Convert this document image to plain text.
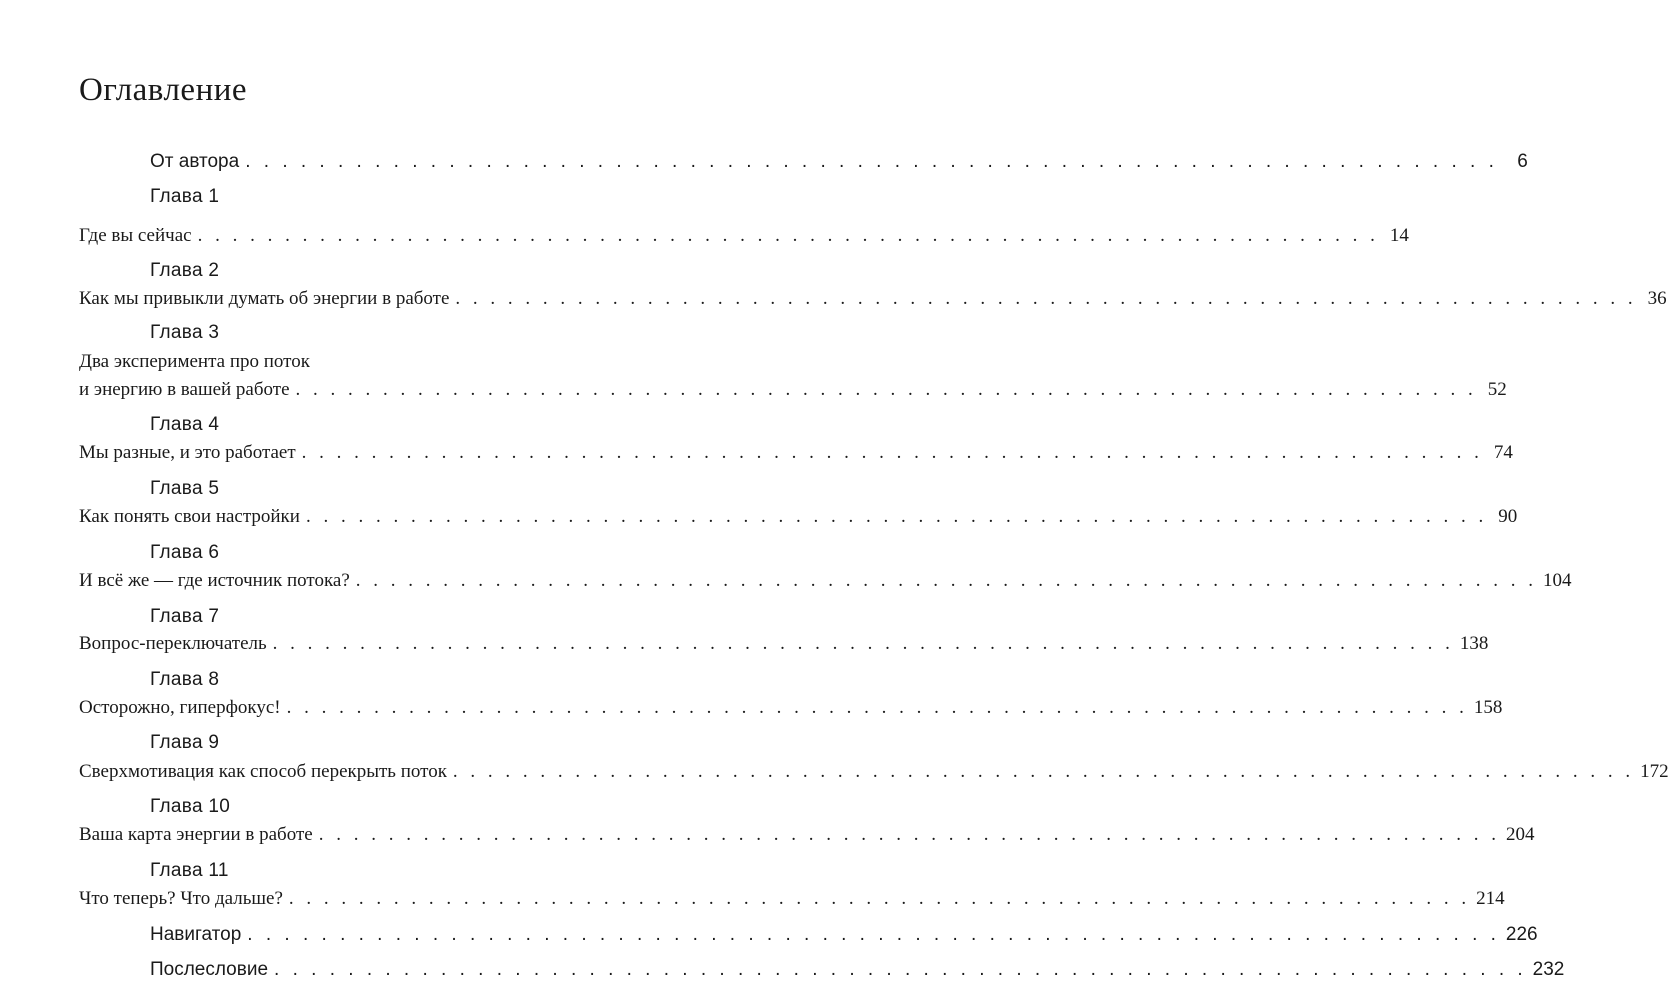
Оглавление
От автора . . . . . . . . . . . . . . . . . . . . . . . . . . . . . . . . . . . . . . . . . . . . . . . . . . . . . . . . . . . . . . . . . . . .	6
Глава 1
Где вы сейчас . . . . . . . . . . . . . . . . . . . . . . . . . . . . . . . . . . . . . . . . . . . . . . . . . . . . . . . . . . . . . . . . . . . . 14
Глава 2
Как мы привыкли думать об энергии в работе . . . . . . . . . . . . . . . . . . . . . . . . . . . . . . . . . . . . . . . . . . . . . . . . . . . . . . . . . . . . . . . . . . . . 36
Глава 3
Два эксперимента про поток
и энергию в вашей работе . . . . . . . . . . . . . . . . . . . . . . . . . . . . . . . . . . . . . . . . . . . . . . . . . . . . . . . . . . . . . . . . . . . . 52
Глава 4
Мы разные, и это работает . . . . . . . . . . . . . . . . . . . . . . . . . . . . . . . . . . . . . . . . . . . . . . . . . . . . . . . . . . . . . . . . . . . . 74
Глава 5
Как понять свои настройки . . . . . . . . . . . . . . . . . . . . . . . . . . . . . . . . . . . . . . . . . . . . . . . . . . . . . . . . . . . . . . . . . . . . 90
Глава 6
И всё же — где источник потока? . . . . . . . . . . . . . . . . . . . . . . . . . . . . . . . . . . . . . . . . . . . . . . . . . . . . . . . . . . . . . . . . . . . . 104
Глава 7
Вопрос-переключатель . . . . . . . . . . . . . . . . . . . . . . . . . . . . . . . . . . . . . . . . . . . . . . . . . . . . . . . . . . . . . . . . . . . . 138
Глава 8
Осторожно, гиперфокус! . . . . . . . . . . . . . . . . . . . . . . . . . . . . . . . . . . . . . . . . . . . . . . . . . . . . . . . . . . . . . . . . . . . . 158
Глава 9
Сверхмотивация как способ перекрыть поток . . . . . . . . . . . . . . . . . . . . . . . . . . . . . . . . . . . . . . . . . . . . . . . . . . . . . . . . . . . . . . . . . . . . 172
Глава 10
Ваша карта энергии в работе . . . . . . . . . . . . . . . . . . . . . . . . . . . . . . . . . . . . . . . . . . . . . . . . . . . . . . . . . . . . . . . . . . . . 204
Глава 11
Что теперь? Что дальше? . . . . . . . . . . . . . . . . . . . . . . . . . . . . . . . . . . . . . . . . . . . . . . . . . . . . . . . . . . . . . . . . . . . . 214
Навигатор . . . . . . . . . . . . . . . . . . . . . . . . . . . . . . . . . . . . . . . . . . . . . . . . . . . . . . . . . . . . . . . . . . . . 226
Послесловие . . . . . . . . . . . . . . . . . . . . . . . . . . . . . . . . . . . . . . . . . . . . . . . . . . . . . . . . . . . . . . . . . . . . 232
